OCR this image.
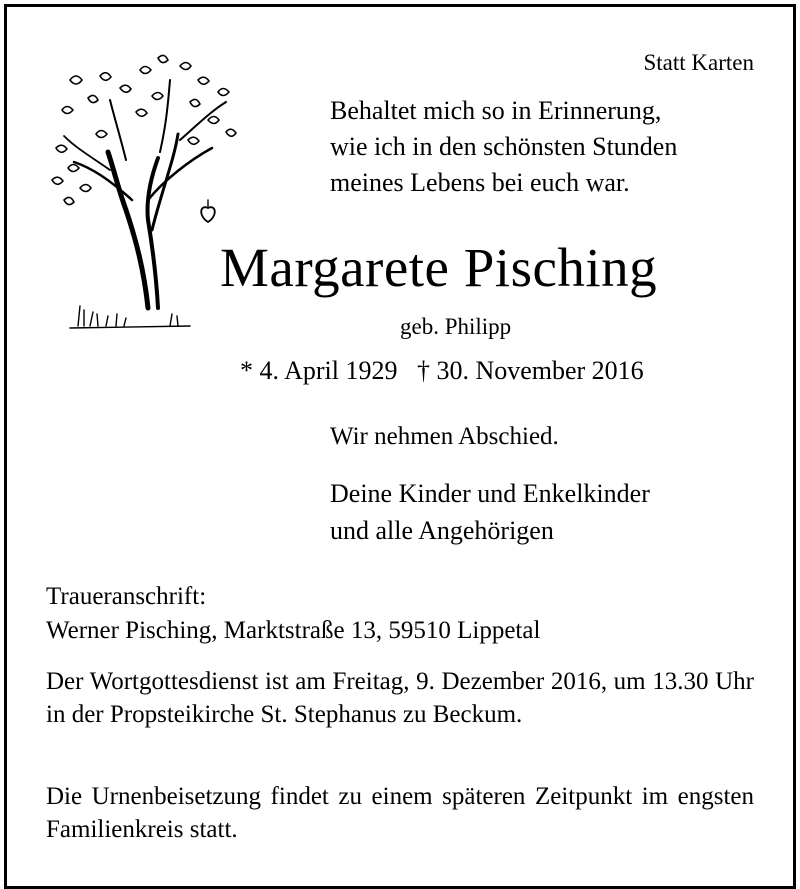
Statt Karten
Behaltet mich so in Erinnerung,
wie ich in den schönsten Stunden
meines Lebens bei euch war.
Margarete Pisching
geb. Philipp
* 4. April 1929   † 30. November 2016
Wir nehmen Abschied.
Deine Kinder und Enkelkinder
und alle Angehörigen
Traueranschrift:
Werner Pisching, Marktstraße 13, 59510 Lippetal
Der Wortgottesdienst ist am Freitag, 9. Dezember 2016, um 13.30 Uhr in der Propsteikirche St. Stephanus zu Beckum.
Die Urnenbeisetzung findet zu einem späteren Zeitpunkt im engsten Familienkreis statt.
